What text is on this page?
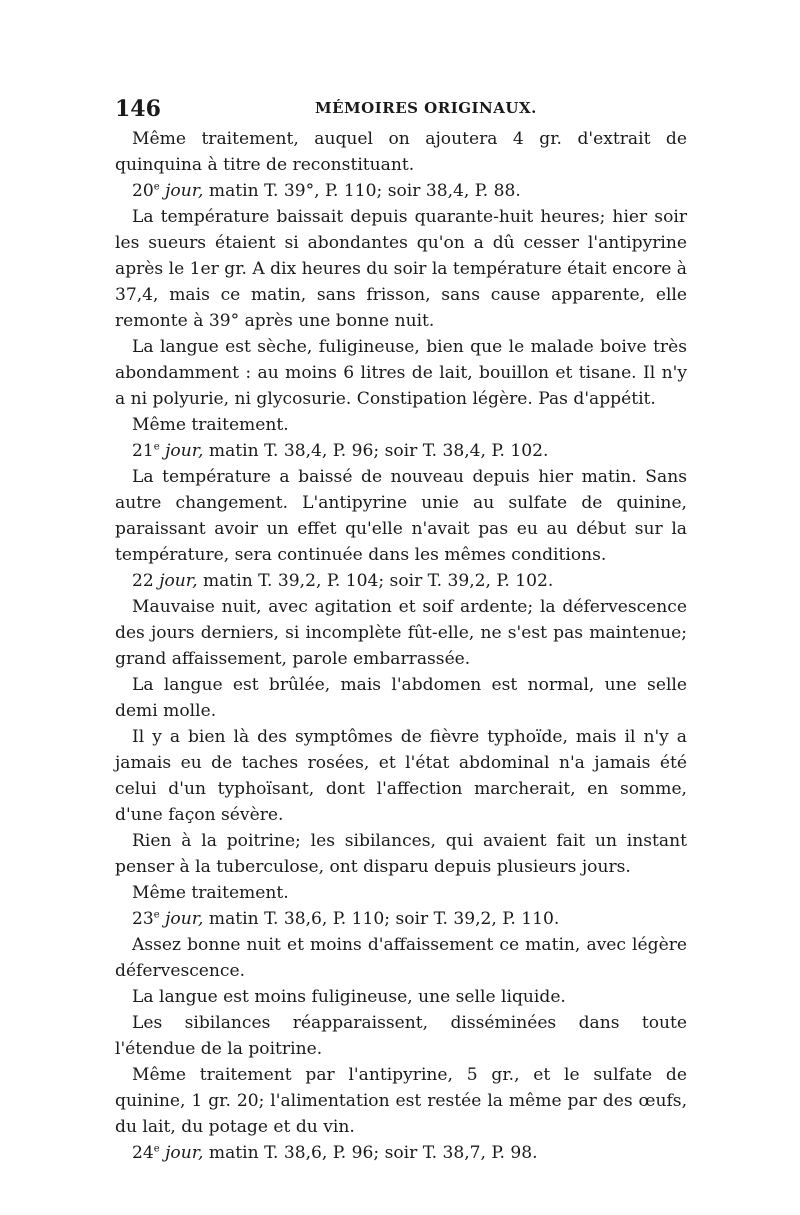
146	MÉMOIRES ORIGINAUX.

Même traitement, auquel on ajoutera 4 gr. d'extrait de quinquina à titre de reconstituant.

20e jour, matin T. 39°, P. 110; soir 38,4, P. 88.

La température baissait depuis quarante-huit heures; hier soir les sueurs étaient si abondantes qu'on a dû cesser l'antipyrine après le 1er gr. A dix heures du soir la température était encore à 37,4, mais ce matin, sans frisson, sans cause apparente, elle remonte à 39° après une bonne nuit.

La langue est sèche, fuligineuse, bien que le malade boive très abondamment : au moins 6 litres de lait, bouillon et tisane. Il n'y a ni polyurie, ni glycosurie. Constipation légère. Pas d'appétit.

Même traitement.

21e jour, matin T. 38,4, P. 96; soir T. 38,4, P. 102.

La température a baissé de nouveau depuis hier matin. Sans autre changement. L'antipyrine unie au sulfate de quinine, paraissant avoir un effet qu'elle n'avait pas eu au début sur la température, sera continuée dans les mêmes conditions.

22 jour, matin T. 39,2, P. 104; soir T. 39,2, P. 102.

Mauvaise nuit, avec agitation et soif ardente; la défervescence des jours derniers, si incomplète fût-elle, ne s'est pas maintenue; grand affaissement, parole embarrassée.

La langue est brûlée, mais l'abdomen est normal, une selle demi molle.

Il y a bien là des symptômes de fièvre typhoïde, mais il n'y a jamais eu de taches rosées, et l'état abdominal n'a jamais été celui d'un typhoïsant, dont l'affection marcherait, en somme, d'une façon sévère.

Rien à la poitrine; les sibilances, qui avaient fait un instant penser à la tuberculose, ont disparu depuis plusieurs jours.

Même traitement.

23e jour, matin T. 38,6, P. 110; soir T. 39,2, P. 110.

Assez bonne nuit et moins d'affaissement ce matin, avec légère défervescence.

La langue est moins fuligineuse, une selle liquide.

Les sibilances réapparaissent, disséminées dans toute l'étendue de la poitrine.

Même traitement par l'antipyrine, 5 gr., et le sulfate de quinine, 1 gr. 20; l'alimentation est restée la même par des œufs, du lait, du potage et du vin.

24e jour, matin T. 38,6, P. 96; soir T. 38,7, P. 98.
